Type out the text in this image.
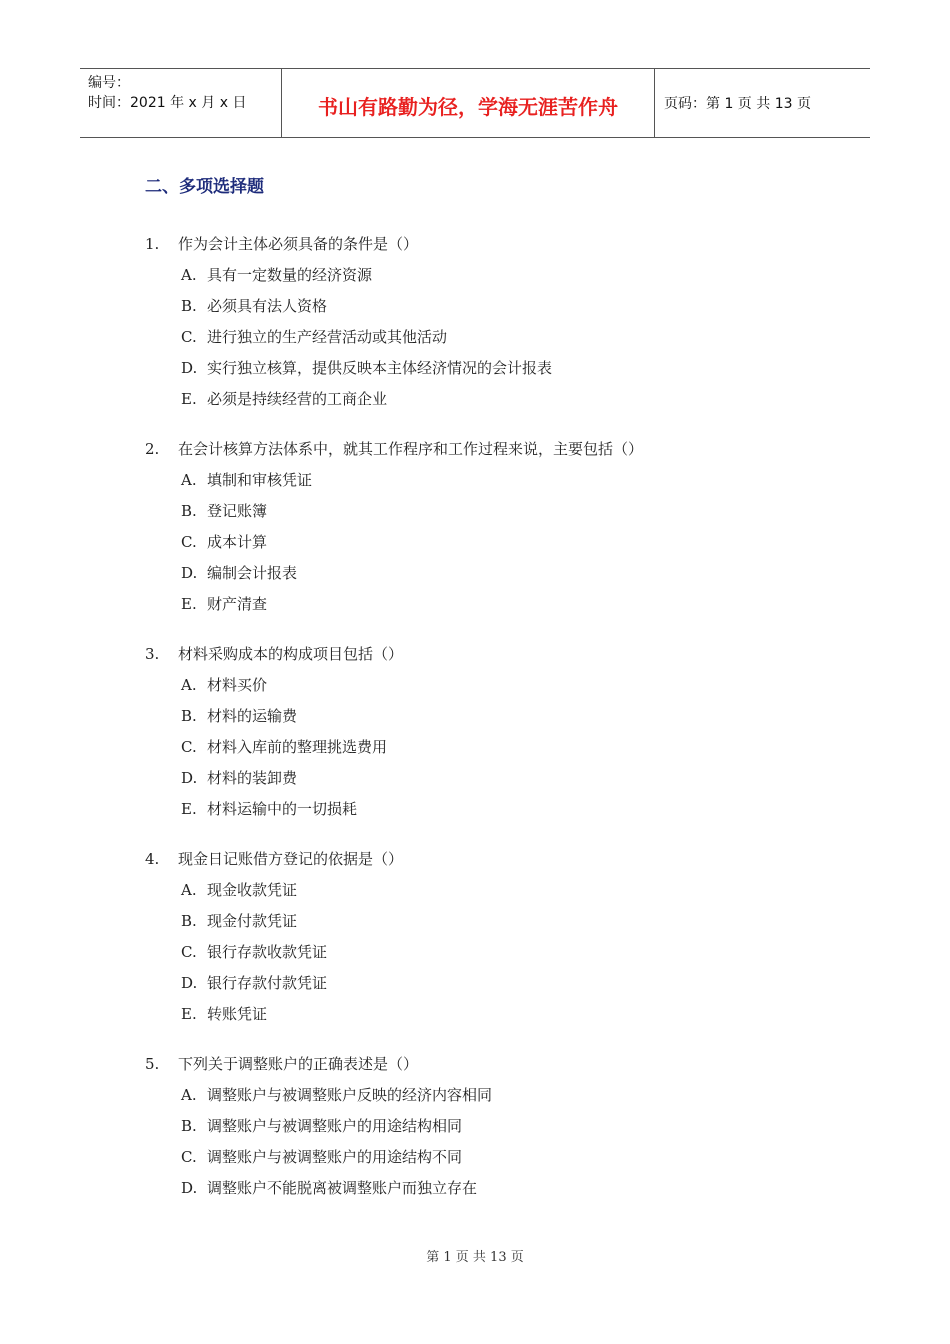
编号：
时间：2021 年 x 月 x 日	书山有路勤为径，学海无涯苦作舟	页码：第 1 页 共 13 页
二、多项选择题
1.	作为会计主体必须具备的条件是（）
A. 具有一定数量的经济资源
B. 必须具有法人资格
C. 进行独立的生产经营活动或其他活动
D. 实行独立核算，提供反映本主体经济情况的会计报表
E. 必须是持续经营的工商企业
2.	在会计核算方法体系中，就其工作程序和工作过程来说，主要包括（）
A. 填制和审核凭证
B. 登记账簿
C. 成本计算
D. 编制会计报表
E. 财产清查
3.	材料采购成本的构成项目包括（）
A. 材料买价
B. 材料的运输费
C. 材料入库前的整理挑选费用
D. 材料的装卸费
E. 材料运输中的一切损耗
4.	现金日记账借方登记的依据是（）
A. 现金收款凭证
B. 现金付款凭证
C. 银行存款收款凭证
D. 银行存款付款凭证
E. 转账凭证
5.	下列关于调整账户的正确表述是（）
A. 调整账户与被调整账户反映的经济内容相同
B. 调整账户与被调整账户的用途结构相同
C. 调整账户与被调整账户的用途结构不同
D. 调整账户不能脱离被调整账户而独立存在
第 1 页 共 13 页
